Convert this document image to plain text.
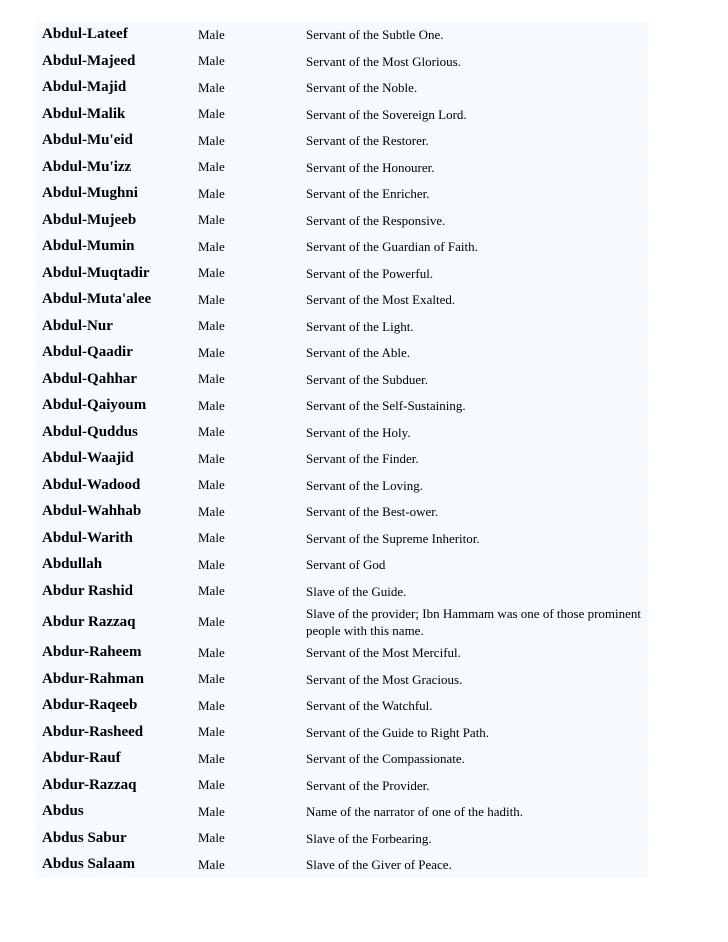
Abdul-Lateef	Male	Servant of the Subtle One.
Abdul-Majeed	Male	Servant of the Most Glorious.
Abdul-Majid	Male	Servant of the Noble.
Abdul-Malik	Male	Servant of the Sovereign Lord.
Abdul-Mu'eid	Male	Servant of the Restorer.
Abdul-Mu'izz	Male	Servant of the Honourer.
Abdul-Mughni	Male	Servant of the Enricher.
Abdul-Mujeeb	Male	Servant of the Responsive.
Abdul-Mumin	Male	Servant of the Guardian of Faith.
Abdul-Muqtadir	Male	Servant of the Powerful.
Abdul-Muta'alee	Male	Servant of the Most Exalted.
Abdul-Nur	Male	Servant of the Light.
Abdul-Qaadir	Male	Servant of the Able.
Abdul-Qahhar	Male	Servant of the Subduer.
Abdul-Qaiyoum	Male	Servant of the Self-Sustaining.
Abdul-Quddus	Male	Servant of the Holy.
Abdul-Waajid	Male	Servant of the Finder.
Abdul-Wadood	Male	Servant of the Loving.
Abdul-Wahhab	Male	Servant of the Best-ower.
Abdul-Warith	Male	Servant of the Supreme Inheritor.
Abdullah	Male	Servant of God
Abdur Rashid	Male	Slave of the Guide.
Abdur Razzaq	Male	Slave of the provider; Ibn Hammam was one of those prominent people with this name.
Abdur-Raheem	Male	Servant of the Most Merciful.
Abdur-Rahman	Male	Servant of the Most Gracious.
Abdur-Raqeeb	Male	Servant of the Watchful.
Abdur-Rasheed	Male	Servant of the Guide to Right Path.
Abdur-Rauf	Male	Servant of the Compassionate.
Abdur-Razzaq	Male	Servant of the Provider.
Abdus	Male	Name of the narrator of one of the hadith.
Abdus Sabur	Male	Slave of the Forbearing.
Abdus Salaam	Male	Slave of the Giver of Peace.
